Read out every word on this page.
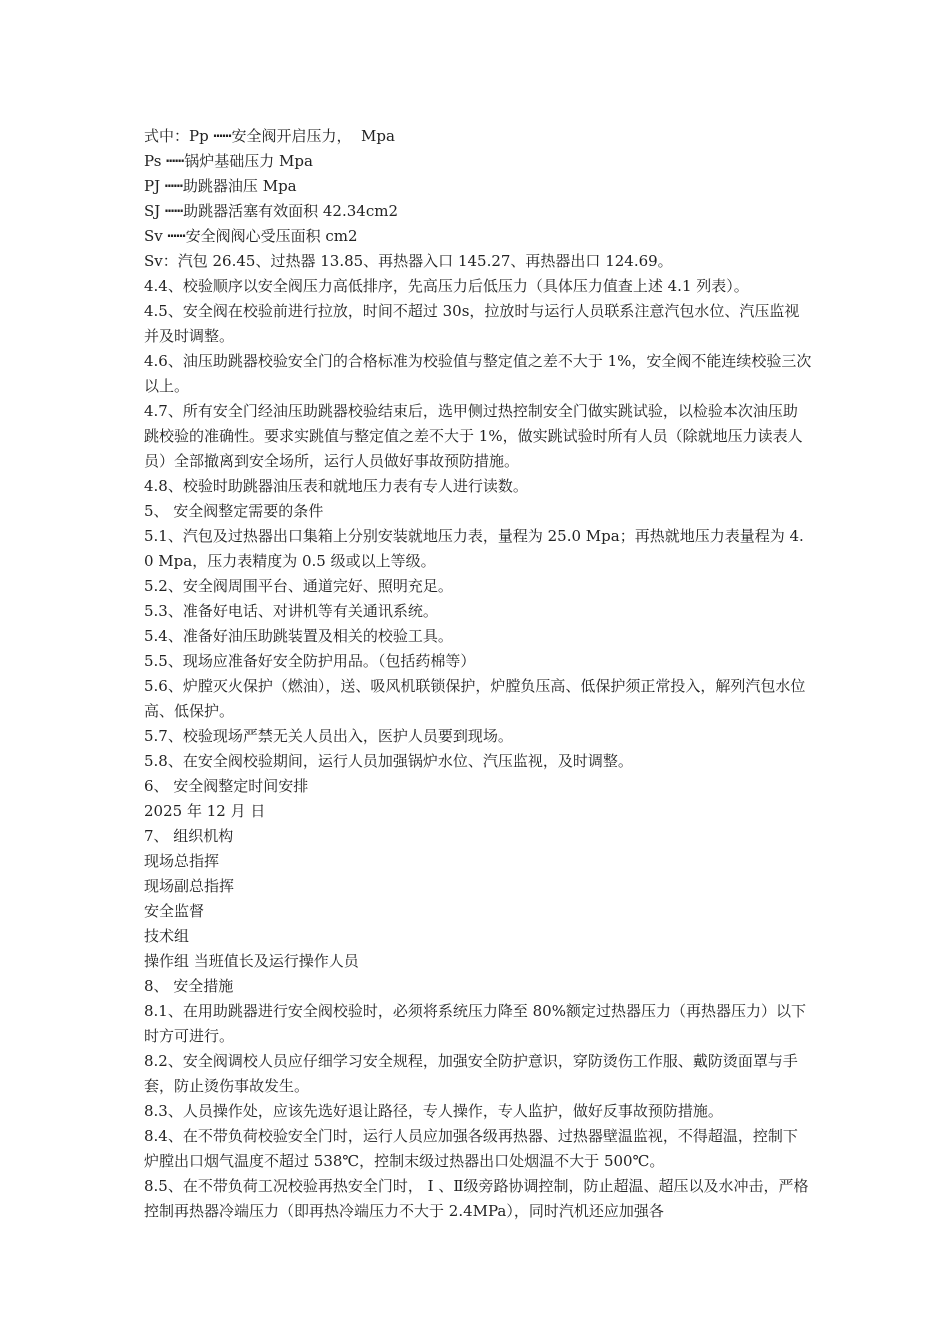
式中：Pp ┅┅安全阀开启压力，  Mpa

Ps ┅┅锅炉基础压力 Mpa

PJ ┅┅助跳器油压 Mpa

SJ ┅┅助跳器活塞有效面积 42.34cm2

Sv ┅┅安全阀阀心受压面积 cm2

Sv：汽包 26.45、过热器 13.85、再热器入口 145.27、再热器出口 124.69。

4.4、校验顺序以安全阀压力高低排序，先高压力后低压力（具体压力值查上述 4.1 列表）。

4.5、安全阀在校验前进行拉放，时间不超过 30s，拉放时与运行人员联系注意汽包水位、汽压监视并及时调整。

4.6、油压助跳器校验安全门的合格标准为校验值与整定值之差不大于 1%，安全阀不能连续校验三次以上。

4.7、所有安全门经油压助跳器校验结束后，选甲侧过热控制安全门做实跳试验，以检验本次油压助跳校验的准确性。要求实跳值与整定值之差不大于 1%，做实跳试验时所有人员（除就地压力读表人员）全部撤离到安全场所，运行人员做好事故预防措施。

4.8、校验时助跳器油压表和就地压力表有专人进行读数。

5、 安全阀整定需要的条件

5.1、汽包及过热器出口集箱上分别安装就地压力表，量程为 25.0 Mpa；再热就地压力表量程为 4.0 Mpa，压力表精度为 0.5 级或以上等级。

5.2、安全阀周围平台、通道完好、照明充足。

5.3、准备好电话、对讲机等有关通讯系统。

5.4、准备好油压助跳装置及相关的校验工具。

5.5、现场应准备好安全防护用品。（包括药棉等）

5.6、炉膛灭火保护（燃油），送、吸风机联锁保护，炉膛负压高、低保护须正常投入，解列汽包水位高、低保护。

5.7、校验现场严禁无关人员出入，医护人员要到现场。

5.8、在安全阀校验期间，运行人员加强锅炉水位、汽压监视，及时调整。

6、 安全阀整定时间安排

2025 年 12 月 日

7、 组织机构

现场总指挥

现场副总指挥

安全监督

技术组

操作组 当班值长及运行操作人员

8、 安全措施

8.1、在用助跳器进行安全阀校验时，必须将系统压力降至 80%额定过热器压力（再热器压力）以下时方可进行。

8.2、安全阀调校人员应仔细学习安全规程，加强安全防护意识，穿防烫伤工作服、戴防烫面罩与手套，防止烫伤事故发生。

8.3、人员操作处，应该先选好退让路径，专人操作，专人监护，做好反事故预防措施。

8.4、在不带负荷校验安全门时，运行人员应加强各级再热器、过热器壁温监视，不得超温，控制下炉膛出口烟气温度不超过 538℃，控制末级过热器出口处烟温不大于 500℃。

8.5、在不带负荷工况校验再热安全门时， Ⅰ 、Ⅱ级旁路协调控制，防止超温、超压以及水冲击，严格控制再热器冷端压力（即再热冷端压力不大于 2.4MPa），同时汽机还应加强各
